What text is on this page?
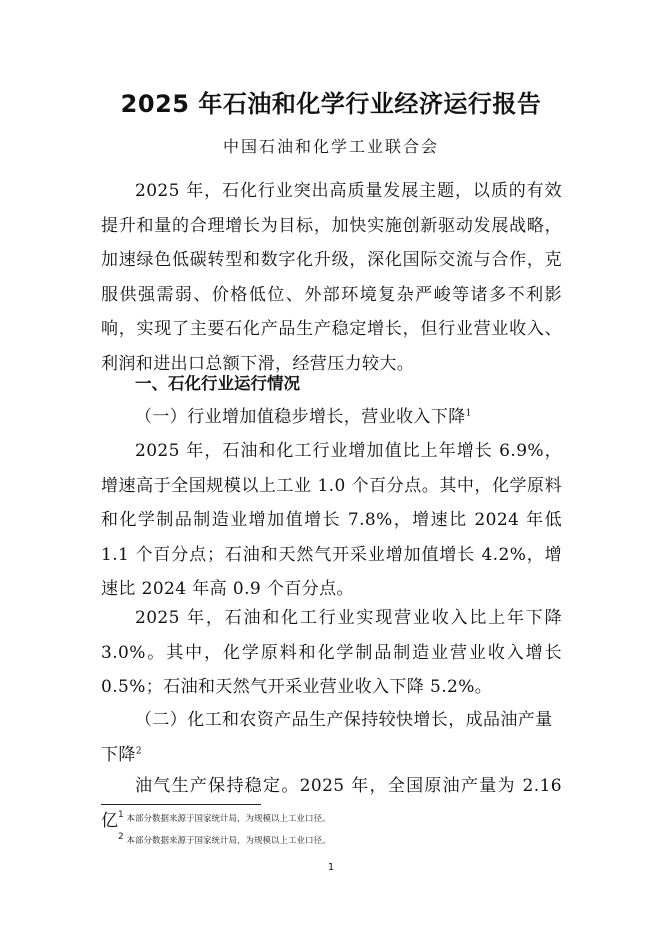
2025 年石油和化学行业经济运行报告
中国石油和化学工业联合会

2025 年，石化行业突出高质量发展主题，以质的有效提升和量的合理增长为目标，加快实施创新驱动发展战略，加速绿色低碳转型和数字化升级，深化国际交流与合作，克服供强需弱、价格低位、外部环境复杂严峻等诸多不利影响，实现了主要石化产品生产稳定增长，但行业营业收入、利润和进出口总额下滑，经营压力较大。

一、石化行业运行情况

（一）行业增加值稳步增长，营业收入下降$^1$

2025 年，石油和化工行业增加值比上年增长 6.9%，增速高于全国规模以上工业 1.0 个百分点。其中，化学原料和化学制品制造业增加值增长 7.8%，增速比 2024 年低 1.1 个百分点；石油和天然气开采业增加值增长 4.2%，增速比 2024 年高 0.9 个百分点。

2025 年，石油和化工行业实现营业收入比上年下降 3.0%。其中，化学原料和化学制品制造业营业收入增长 0.5%；石油和天然气开采业营业收入下降 5.2%。

（二）化工和农资产品生产保持较快增长，成品油产量下降$^2$

油气生产保持稳定。2025 年，全国原油产量为 2.16 亿 $^1$ 本部分数据来源于国家统计局，为规模以上工业口径。
$^2$ 本部分数据来源于国家统计局，为规模以上工业口径。
1
